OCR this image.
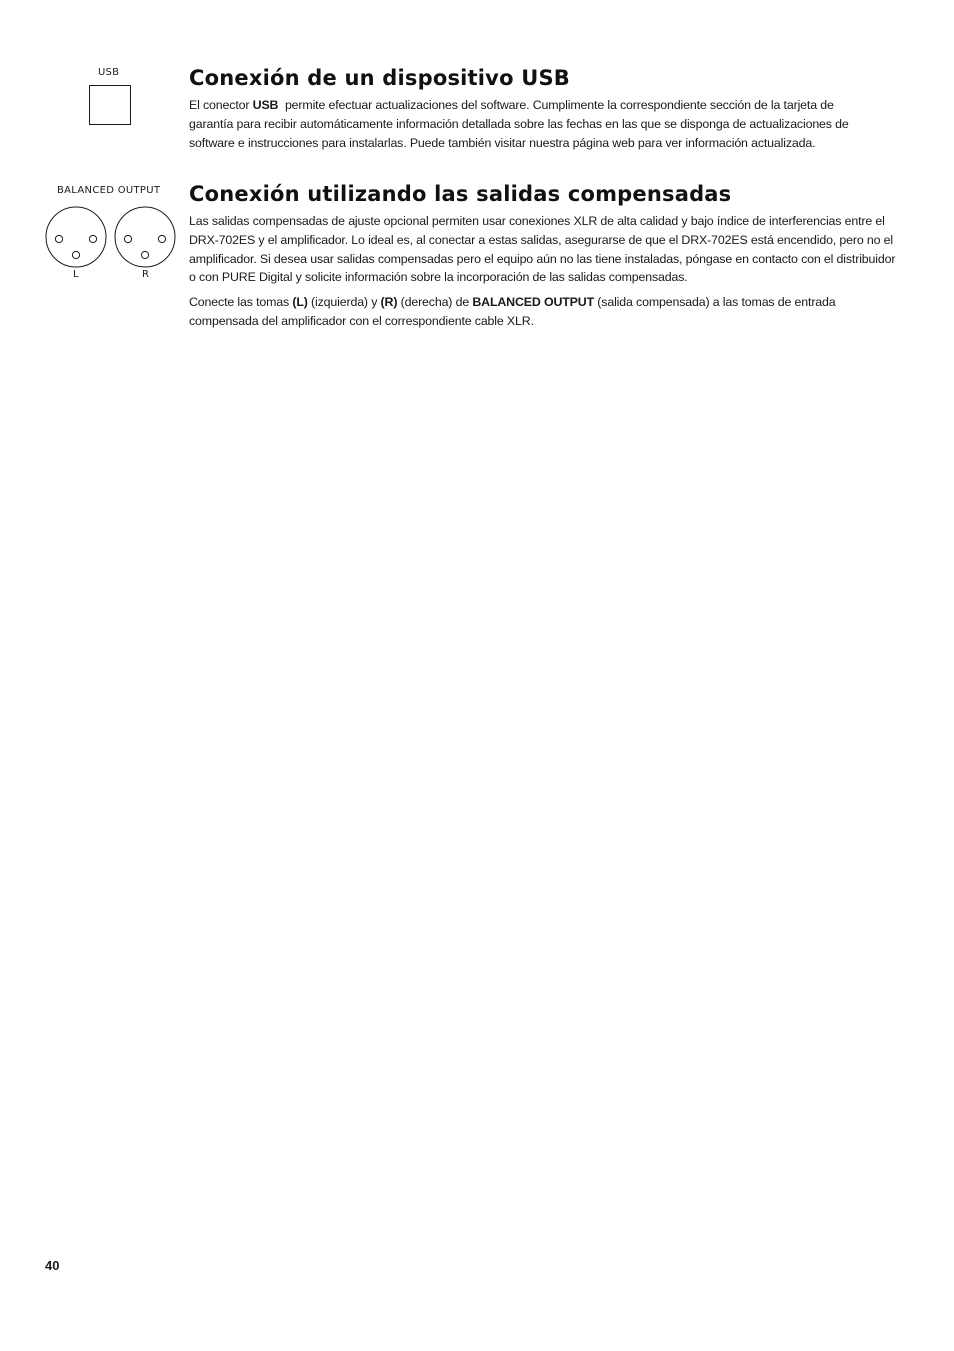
USB
BALANCED OUTPUT
L	R
Conexión de un dispositivo USB

El conector USB  permite efectuar actualizaciones del software. Cumplimente la correspondiente sección de la tarjeta de garantía para recibir automáticamente información detallada sobre las fechas en las que se disponga de actualizaciones de software e instrucciones para instalarlas. Puede también visitar nuestra página web para ver información actualizada.

Conexión utilizando las salidas compensadas

Las salidas compensadas de ajuste opcional permiten usar conexiones XLR de alta calidad y bajo índice de interferencias entre el DRX-702ES y el amplificador. Lo ideal es, al conectar a estas salidas, asegurarse de que el DRX-702ES está encendido, pero no el amplificador. Si desea usar salidas compensadas pero el equipo aún no las tiene instaladas, póngase en contacto con el distribuidor o con PURE Digital y solicite información sobre la incorporación de las salidas compensadas.

Conecte las tomas (L) (izquierda) y (R) (derecha) de BALANCED OUTPUT (salida compensada) a las tomas de entrada compensada del amplificador con el correspondiente cable XLR.

40
